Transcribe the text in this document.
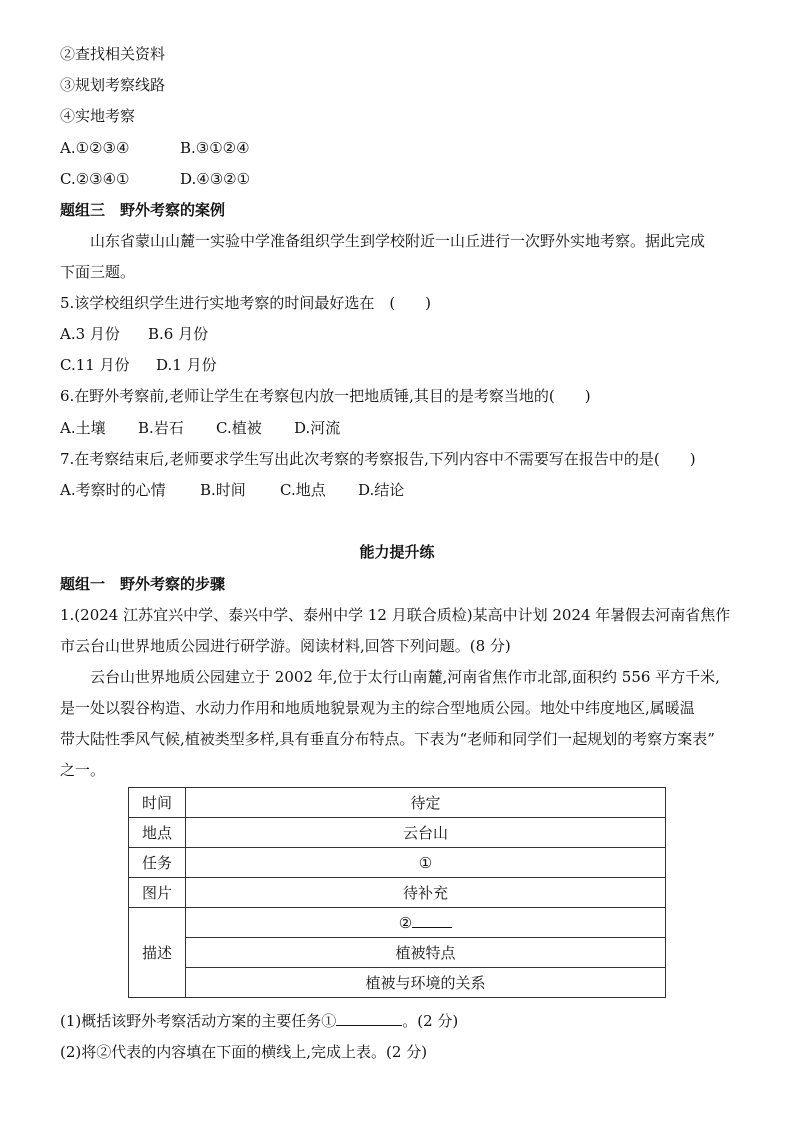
②查找相关资料
③规划考察线路
④实地考察
A.①②③④	B.③①②④
C.②③④①	D.④③②①
题组三　野外考察的案例
山东省蒙山山麓一实验中学准备组织学生到学校附近一山丘进行一次野外实地考察。据此完成
下面三题。
5.该学校组织学生进行实地考察的时间最好选在　(　　)
A.3 月份 B.6 月份
C.11 月份 D.1 月份
6.在野外考察前,老师让学生在考察包内放一把地质锤,其目的是考察当地的(　　)
A.土壤 B.岩石 C.植被 D.河流
7.在考察结束后,老师要求学生写出此次考察的考察报告,下列内容中不需要写在报告中的是(　　)
A.考察时的心情 B.时间 C.地点 D.结论
能力提升练
题组一　野外考察的步骤
1.(2024 江苏宜兴中学、泰兴中学、泰州中学 12 月联合质检)某高中计划 2024 年暑假去河南省焦作
市云台山世界地质公园进行研学游。阅读材料,回答下列问题。(8 分)
云台山世界地质公园建立于 2002 年,位于太行山南麓,河南省焦作市北部,面积约 556 平方千米,
是一处以裂谷构造、水动力作用和地质地貌景观为主的综合型地质公园。地处中纬度地区,属暖温
带大陆性季风气候,植被类型多样,具有垂直分布特点。下表为“老师和同学们一起规划的考察方案表”
之一。
时间	待定
地点	云台山
任务	①
图片	待补充
描述	②
	植被特点
	植被与环境的关系
(1)概括该野外考察活动方案的主要任务①	。(2 分)
(2)将②代表的内容填在下面的横线上,完成上表。(2 分)
